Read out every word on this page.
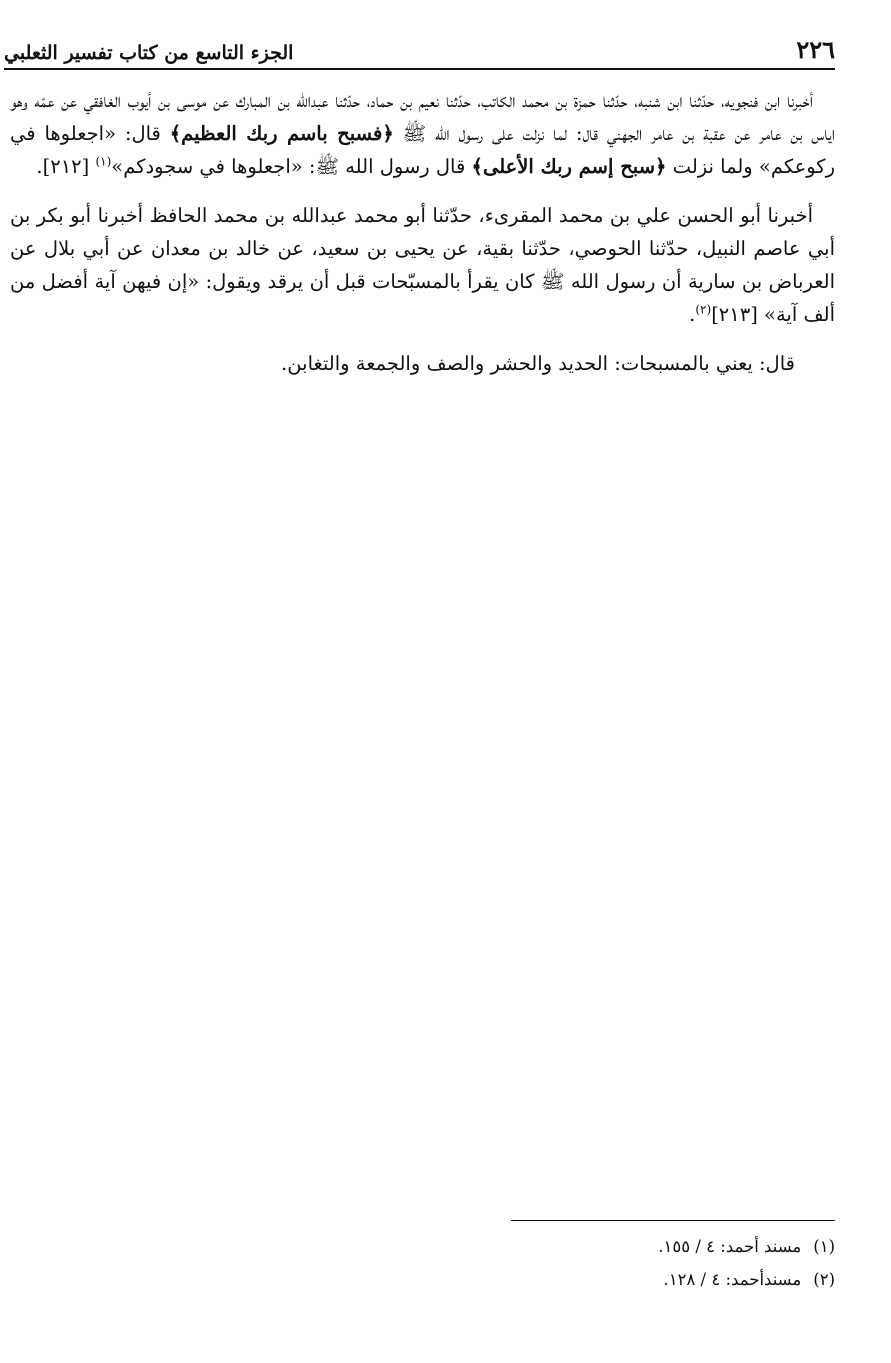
٢٢٦
الجزء التاسع من كتاب تفسير الثعلبي

أخبرنا ابن فنجويه، حدّثنا ابن شنبه، حدّثنا حمزة بن محمد الكاتب، حدّثنا نعيم بن حماد، حدّثنا عبدالله بن المبارك عن موسى بن أيوب الغافقي عن عمّه وهو اياس بن عامر عن عقبة بن عامر الجهني قال: لما نزلت على رسول الله ﷺ ﴿فسبح باسم ربك العظيم﴾ قال: «اجعلوها في ركوعكم» ولما نزلت ﴿سبح إسم ربك الأعلى﴾ قال رسول الله ﷺ: «اجعلوها في سجودكم»$^{(١)}$ [٢١٢].

أخبرنا أبو الحسن علي بن محمد المقرىء، حدّثنا أبو محمد عبدالله بن محمد الحافظ أخبرنا أبو بكر بن أبي عاصم النبيل، حدّثنا الحوصي، حدّثنا بقية، عن يحيى بن سعيد، عن خالد بن معدان عن أبي بلال عن العرباض بن سارية أن رسول الله ﷺ كان يقرأ بالمسبّحات قبل أن يرقد ويقول: «إن فيهن آية أفضل من ألف آية» [٢١٣]$^{(٢)}$.

قال: يعني بالمسبحات: الحديد والحشر والصف والجمعة والتغابن.

(١)مسند أحمد: ٤ / ١٥٥.
(٢)مسندأحمد: ٤ / ١٢٨.
